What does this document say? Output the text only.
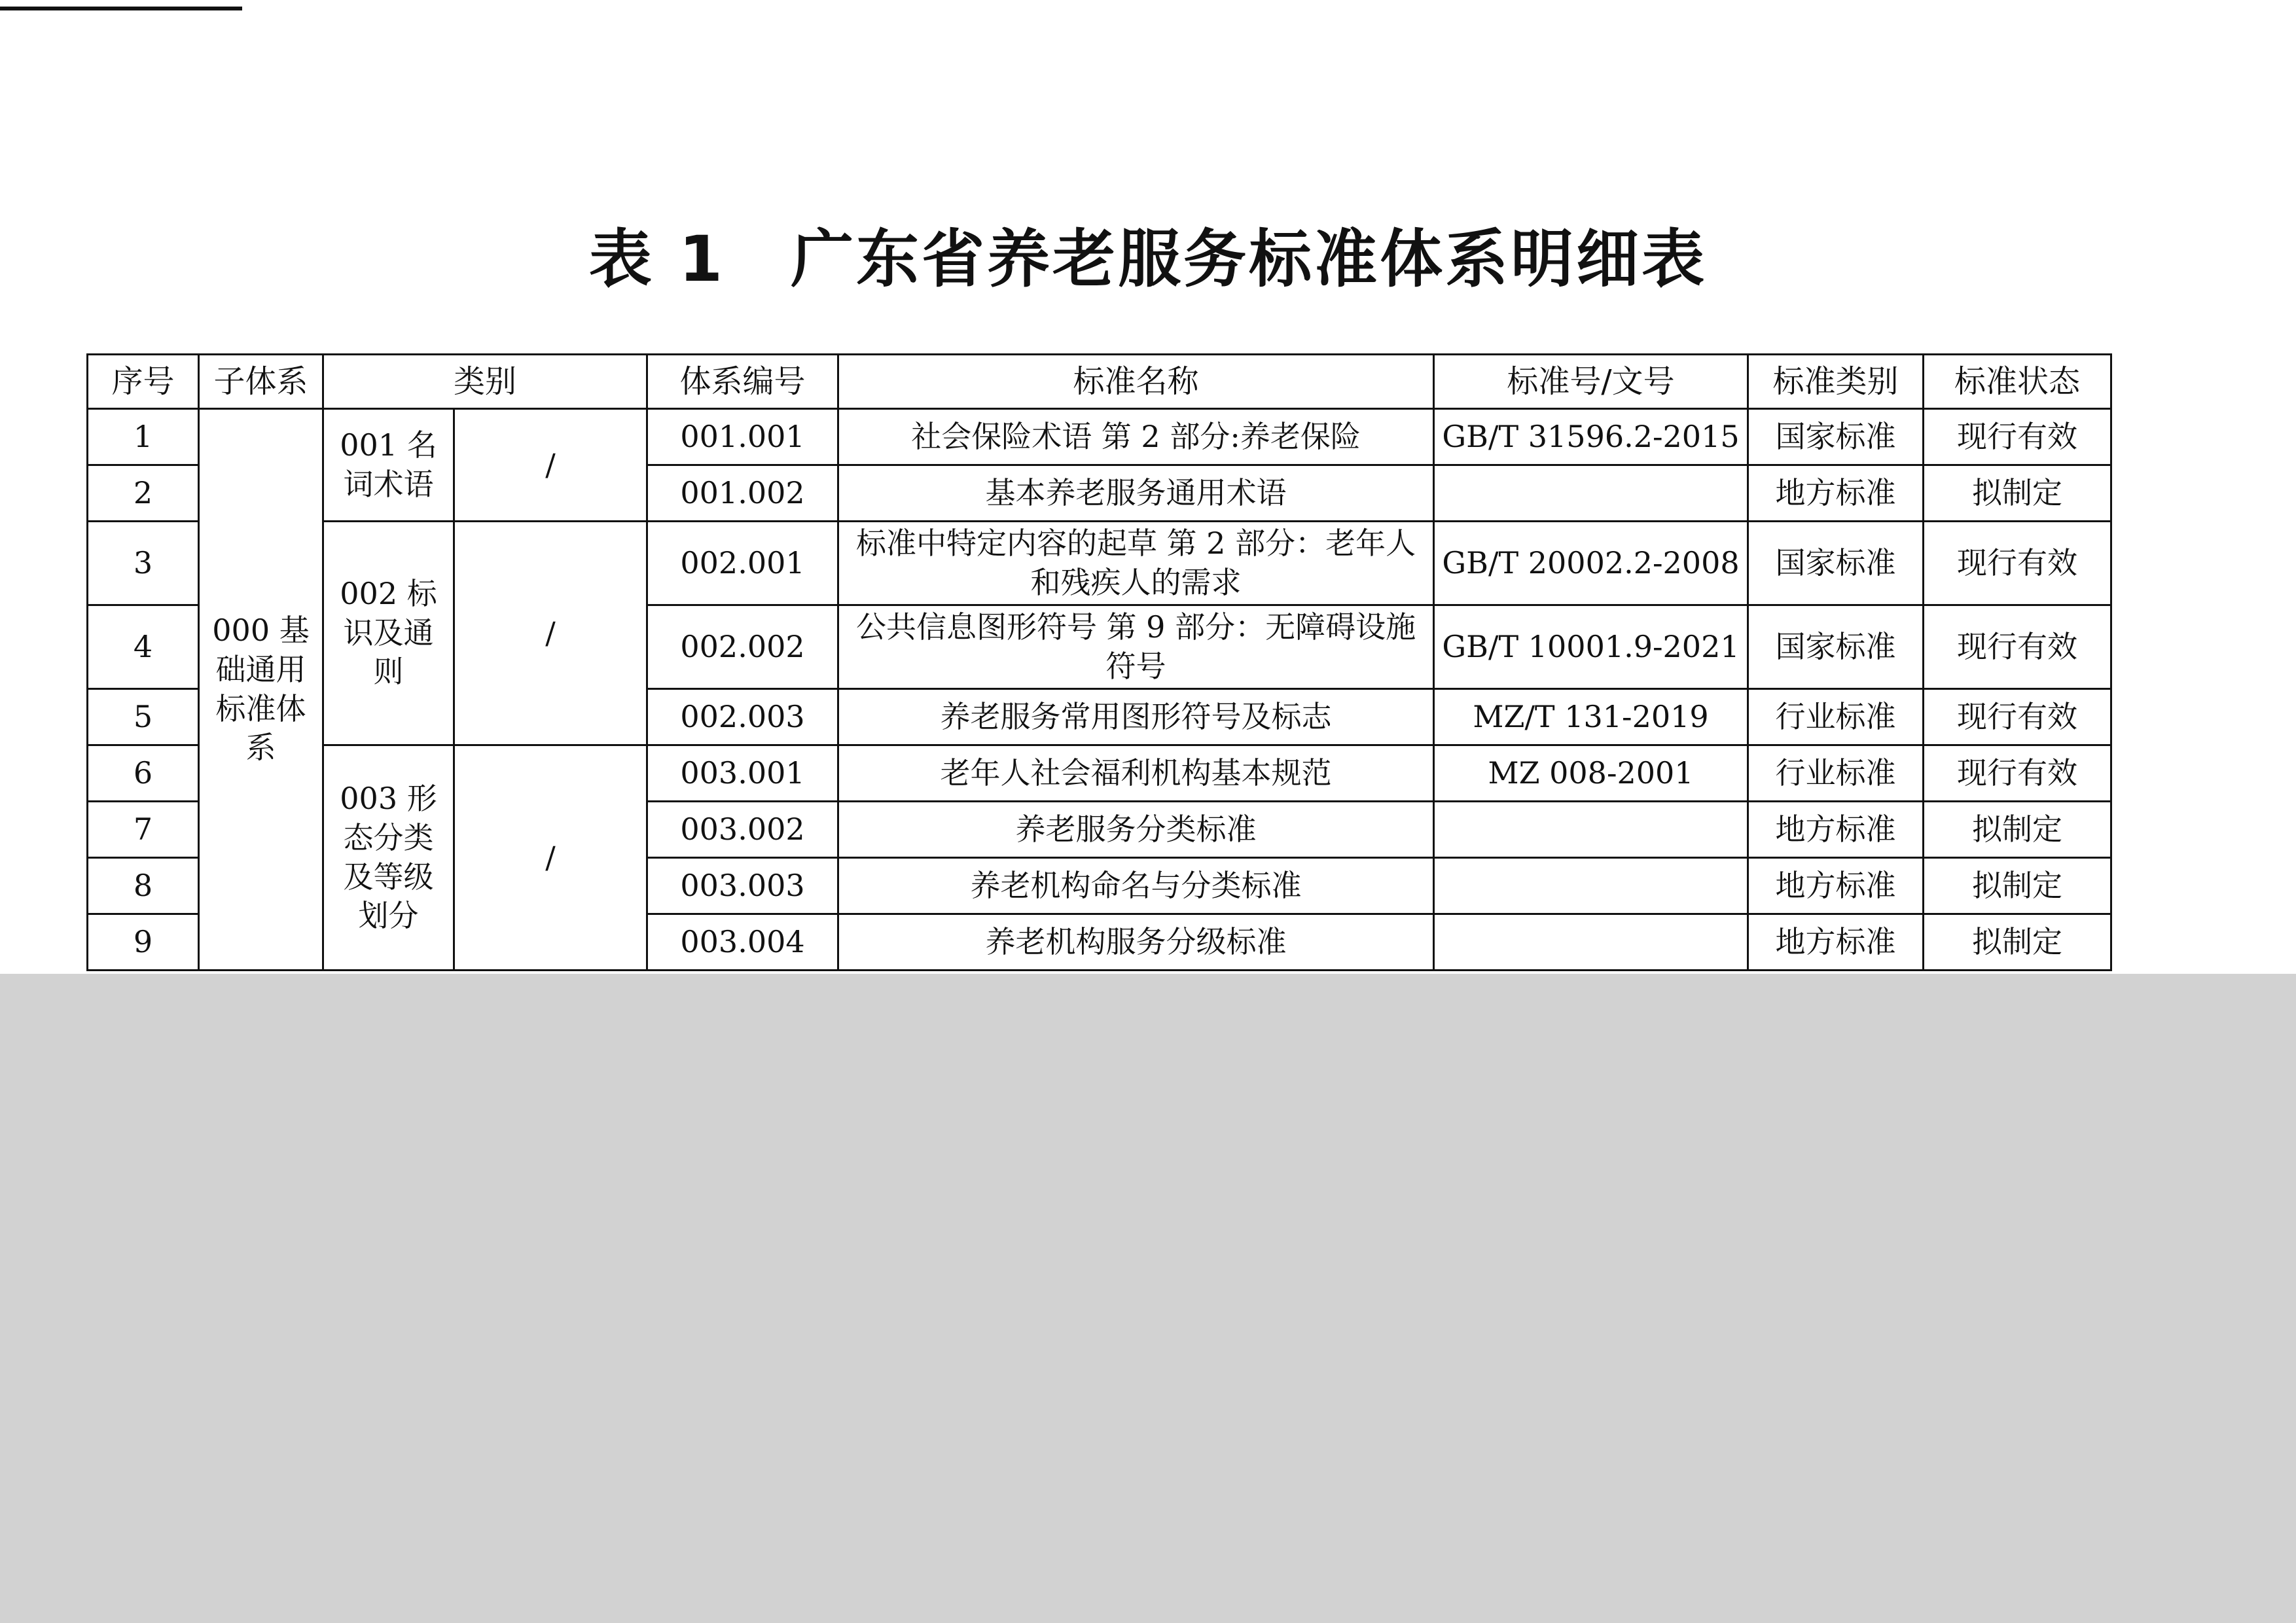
表 1 广东省养老服务标准体系明细表
序号	子体系	类别		体系编号	标准名称	标准号/文号	标准类别	标准状态
1	000 基础通用标准体系	001 名词术语	/	001.001	社会保险术语 第 2 部分:养老保险	GB/T 31596.2-2015	国家标准	现行有效
2				001.002	基本养老服务通用术语		地方标准	拟制定
3		002 标识及通则	/	002.001	标准中特定内容的起草 第 2 部分：老年人和残疾人的需求	GB/T 20002.2-2008	国家标准	现行有效
4				002.002	公共信息图形符号 第 9 部分：无障碍设施符号	GB/T 10001.9-2021	国家标准	现行有效
5				002.003	养老服务常用图形符号及标志	MZ/T 131-2019	行业标准	现行有效
6		003 形态分类及等级划分	/	003.001	老年人社会福利机构基本规范	MZ 008-2001	行业标准	现行有效
7				003.002	养老服务分类标准		地方标准	拟制定
8				003.003	养老机构命名与分类标准		地方标准	拟制定
9				003.004	养老机构服务分级标准		地方标准	拟制定
